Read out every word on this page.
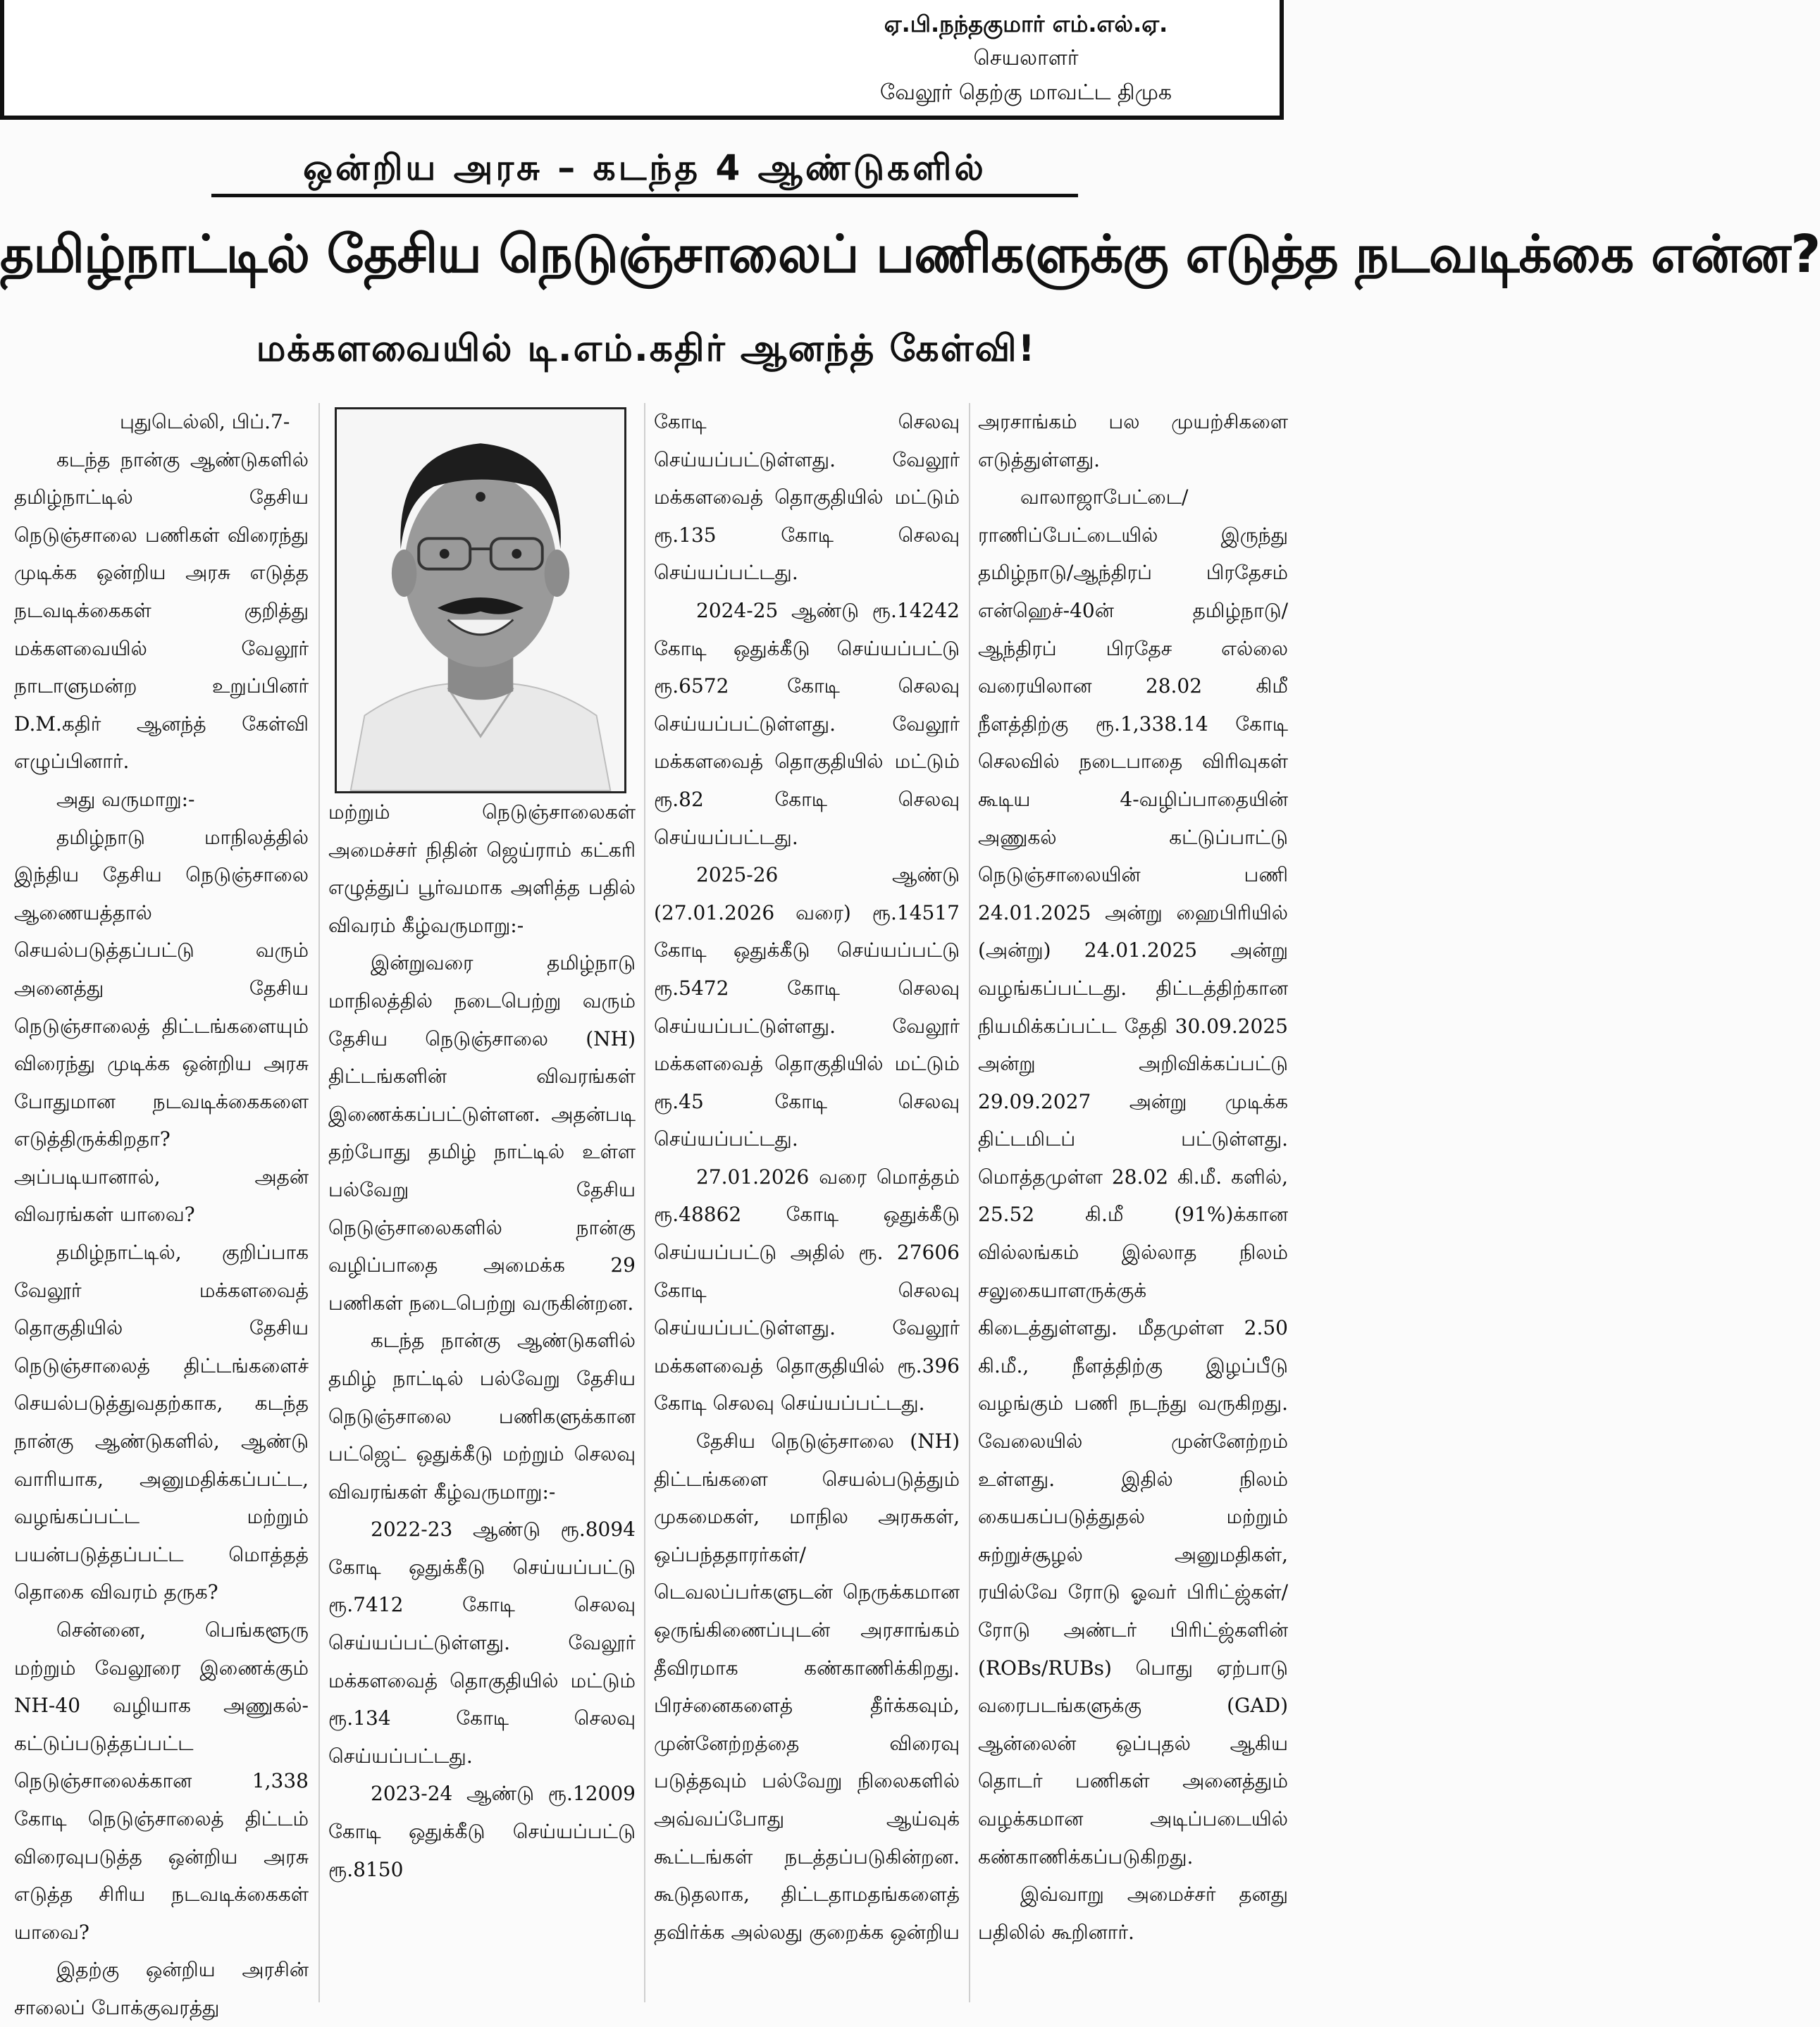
ஏ.பி.நந்தகுமார் எம்.எல்.ஏ.
செயலாளர்
வேலூர் தெற்கு மாவட்ட திமுக
ஒன்றிய அரசு – கடந்த 4 ஆண்டுகளில்
தமிழ்நாட்டில் தேசிய நெடுஞ்சாலைப் பணிகளுக்கு எடுத்த நடவடிக்கை என்ன?
மக்களவையில் டி.எம்.கதிர் ஆனந்த் கேள்வி!

புதுடெல்லி, பிப்.7-

கடந்த நான்கு ஆண்டுகளில் தமிழ்நாட்டில் தேசிய நெடுஞ்சாலை பணிகள் விரைந்து முடிக்க ஒன்றிய அரசு எடுத்த நடவடிக்கைகள் குறித்து மக்களவையில் வேலூர் நாடாளுமன்ற உறுப்பினர் D.M.கதிர் ஆனந்த் கேள்வி எழுப்பினார்.

அது வருமாறு:-

தமிழ்நாடு மாநிலத்தில் இந்திய தேசிய நெடுஞ்சாலை ஆணையத்தால் செயல்படுத்தப்பட்டு வரும் அனைத்து தேசிய நெடுஞ்சாலைத் திட்டங்களையும் விரைந்து முடிக்க ஒன்றிய அரசு போதுமான நடவடிக்கைகளை எடுத்திருக்கிறதா? அப்படியானால், அதன் விவரங்கள் யாவை?

தமிழ்நாட்டில், குறிப்பாக வேலூர் மக்களவைத் தொகுதியில் தேசிய நெடுஞ்சாலைத் திட்டங்களைச் செயல்படுத்துவதற்காக, கடந்த நான்கு ஆண்டுகளில், ஆண்டு வாரியாக, அனுமதிக்கப்பட்ட, வழங்கப்பட்ட மற்றும் பயன்படுத்தப்பட்ட மொத்தத் தொகை விவரம் தருக?

சென்னை, பெங்களூரு மற்றும் வேலூரை இணைக்கும் NH-40 வழியாக அணுகல்-கட்டுப்படுத்தப்பட்ட நெடுஞ்சாலைக்கான 1,338 கோடி நெடுஞ்சாலைத் திட்டம் விரைவுபடுத்த ஒன்றிய அரசு எடுத்த சிரிய நடவடிக்கைகள் யாவை?

இதற்கு ஒன்றிய அரசின் சாலைப் போக்குவரத்து

மற்றும் நெடுஞ்சாலைகள் அமைச்சர் நிதின் ஜெய்ராம் கட்கரி எழுத்துப் பூர்வமாக அளித்த பதில் விவரம் கீழ்வருமாறு:-

இன்றுவரை தமிழ்நாடு மாநிலத்தில் நடைபெற்று வரும் தேசிய நெடுஞ்சாலை (NH) திட்டங்களின் விவரங்கள் இணைக்கப்பட்டுள்ளன. அதன்படி தற்போது தமிழ் நாட்டில் உள்ள பல்வேறு தேசிய நெடுஞ்சாலைகளில் நான்கு வழிப்பாதை அமைக்க 29 பணிகள் நடைபெற்று வருகின்றன.

கடந்த நான்கு ஆண்டுகளில் தமிழ் நாட்டில் பல்வேறு தேசிய நெடுஞ்சாலை பணிகளுக்கான பட்ஜெட் ஒதுக்கீடு மற்றும் செலவு விவரங்கள் கீழ்வருமாறு:-

2022-23 ஆண்டு ரூ.8094 கோடி ஒதுக்கீடு செய்யப்பட்டு ரூ.7412 கோடி செலவு செய்யப்பட்டுள்ளது. வேலூர் மக்களவைத் தொகுதியில் மட்டும் ரூ.134 கோடி செலவு செய்யப்பட்டது.

2023-24 ஆண்டு ரூ.12009 கோடி ஒதுக்கீடு செய்யப்பட்டு ரூ.8150

கோடி செலவு செய்யப்பட்டுள்ளது. வேலூர் மக்களவைத் தொகுதியில் மட்டும் ரூ.135 கோடி செலவு செய்யப்பட்டது.

2024-25 ஆண்டு ரூ.14242 கோடி ஒதுக்கீடு செய்யப்பட்டு ரூ.6572 கோடி செலவு செய்யப்பட்டுள்ளது. வேலூர் மக்களவைத் தொகுதியில் மட்டும் ரூ.82 கோடி செலவு செய்யப்பட்டது.

2025-26 ஆண்டு (27.01.2026 வரை) ரூ.14517 கோடி ஒதுக்கீடு செய்யப்பட்டு ரூ.5472 கோடி செலவு செய்யப்பட்டுள்ளது. வேலூர் மக்களவைத் தொகுதியில் மட்டும் ரூ.45 கோடி செலவு செய்யப்பட்டது.

27.01.2026 வரை மொத்தம் ரூ.48862 கோடி ஒதுக்கீடு செய்யப்பட்டு அதில் ரூ. 27606 கோடி செலவு செய்யப்பட்டுள்ளது. வேலூர் மக்களவைத் தொகுதியில் ரூ.396 கோடி செலவு செய்யப்பட்டது.

தேசிய நெடுஞ்சாலை (NH) திட்டங்களை செயல்படுத்தும் முகமைகள், மாநில அரசுகள், ஒப்பந்ததாரர்கள்/டெவலப்பர்களுடன் நெருக்கமான ஒருங்கிணைப்புடன் அரசாங்கம் தீவிரமாக கண்காணிக்கிறது. பிரச்னைகளைத் தீர்க்கவும், முன்னேற்றத்தை விரைவு படுத்தவும் பல்வேறு நிலைகளில் அவ்வப்போது ஆய்வுக் கூட்டங்கள் நடத்தப்படுகின்றன. கூடுதலாக, திட்டதாமதங்களைத் தவிர்க்க அல்லது குறைக்க ஒன்றிய

அரசாங்கம் பல முயற்சிகளை எடுத்துள்ளது.

வாலாஜாபேட்டை/ராணிப்பேட்டையில் இருந்து தமிழ்நாடு/ஆந்திரப் பிரதேசம் என்ஹெச்-40ன் தமிழ்நாடு/ஆந்திரப் பிரதேச எல்லை வரையிலான 28.02 கிமீ நீளத்திற்கு ரூ.1,338.14 கோடி செலவில் நடைபாதை விரிவுகள் கூடிய 4-வழிப்பாதையின் அணுகல் கட்டுப்பாட்டு நெடுஞ்சாலையின் பணி 24.01.2025 அன்று ஹைபிரியில் (அன்று) 24.01.2025 அன்று வழங்கப்பட்டது. திட்டத்திற்கான நியமிக்கப்பட்ட தேதி 30.09.2025 அன்று அறிவிக்கப்பட்டு 29.09.2027 அன்று முடிக்க திட்டமிடப் பட்டுள்ளது. மொத்தமுள்ள 28.02 கி.மீ. களில், 25.52 கி.மீ (91%)க்கான வில்லங்கம் இல்லாத நிலம் சலுகையாளருக்குக் கிடைத்துள்ளது. மீதமுள்ள 2.50 கி.மீ., நீளத்திற்கு இழப்பீடு வழங்கும் பணி நடந்து வருகிறது. வேலையில் முன்னேற்றம் உள்ளது. இதில் நிலம் கையகப்படுத்துதல் மற்றும் சுற்றுச்சூழல் அனுமதிகள், ரயில்வே ரோடு ஓவர் பிரிட்ஜ்கள்/ரோடு அண்டர் பிரிட்ஜ்களின் (ROBs/RUBs) பொது ஏற்பாடு வரைபடங்களுக்கு (GAD) ஆன்லைன் ஒப்புதல் ஆகிய தொடர் பணிகள் அனைத்தும் வழக்கமான அடிப்படையில் கண்காணிக்கப்படுகிறது.

இவ்வாறு அமைச்சர் தனது பதிலில் கூறினார்.
